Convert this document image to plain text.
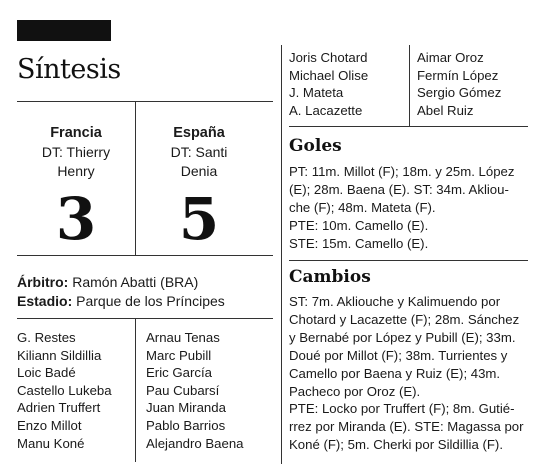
Síntesis
Francia
DT: Thierry
Henry
3
España
DT: Santi
Denia
5
Árbitro: Ramón Abatti (BRA)
Estadio: Parque de los Príncipes
G. Restes
Kiliann Sildillia
Loic Badé
Castello Lukeba
Adrien Truffert
Enzo Millot
Manu Koné
Arnau Tenas
Marc Pubill
Eric García
Pau Cubarsí
Juan Miranda
Pablo Barrios
Alejandro Baena
Joris Chotard
Michael Olise
J. Mateta
A. Lacazette
Aimar Oroz
Fermín López
Sergio Gómez
Abel Ruiz
Goles
PT: 11m. Millot (F); 18m. y 25m. López
(E); 28m. Baena (E). ST: 34m. Akliou-
che (F); 48m. Mateta (F).
PTE: 10m. Camello (E).
STE: 15m. Camello (E).
Cambios
ST: 7m. Akliouche y Kalimuendo por
Chotard y Lacazette (F); 28m. Sánchez
y Bernabé por López y Pubill (E); 33m.
Doué por Millot (F); 38m. Turrientes y
Camello por Baena y Ruiz (E); 43m.
Pacheco por Oroz (E).
PTE: Locko por Truffert (F); 8m. Gutié-
rrez por Miranda (E). STE: Magassa por
Koné (F); 5m. Cherki por Sildillia (F).
